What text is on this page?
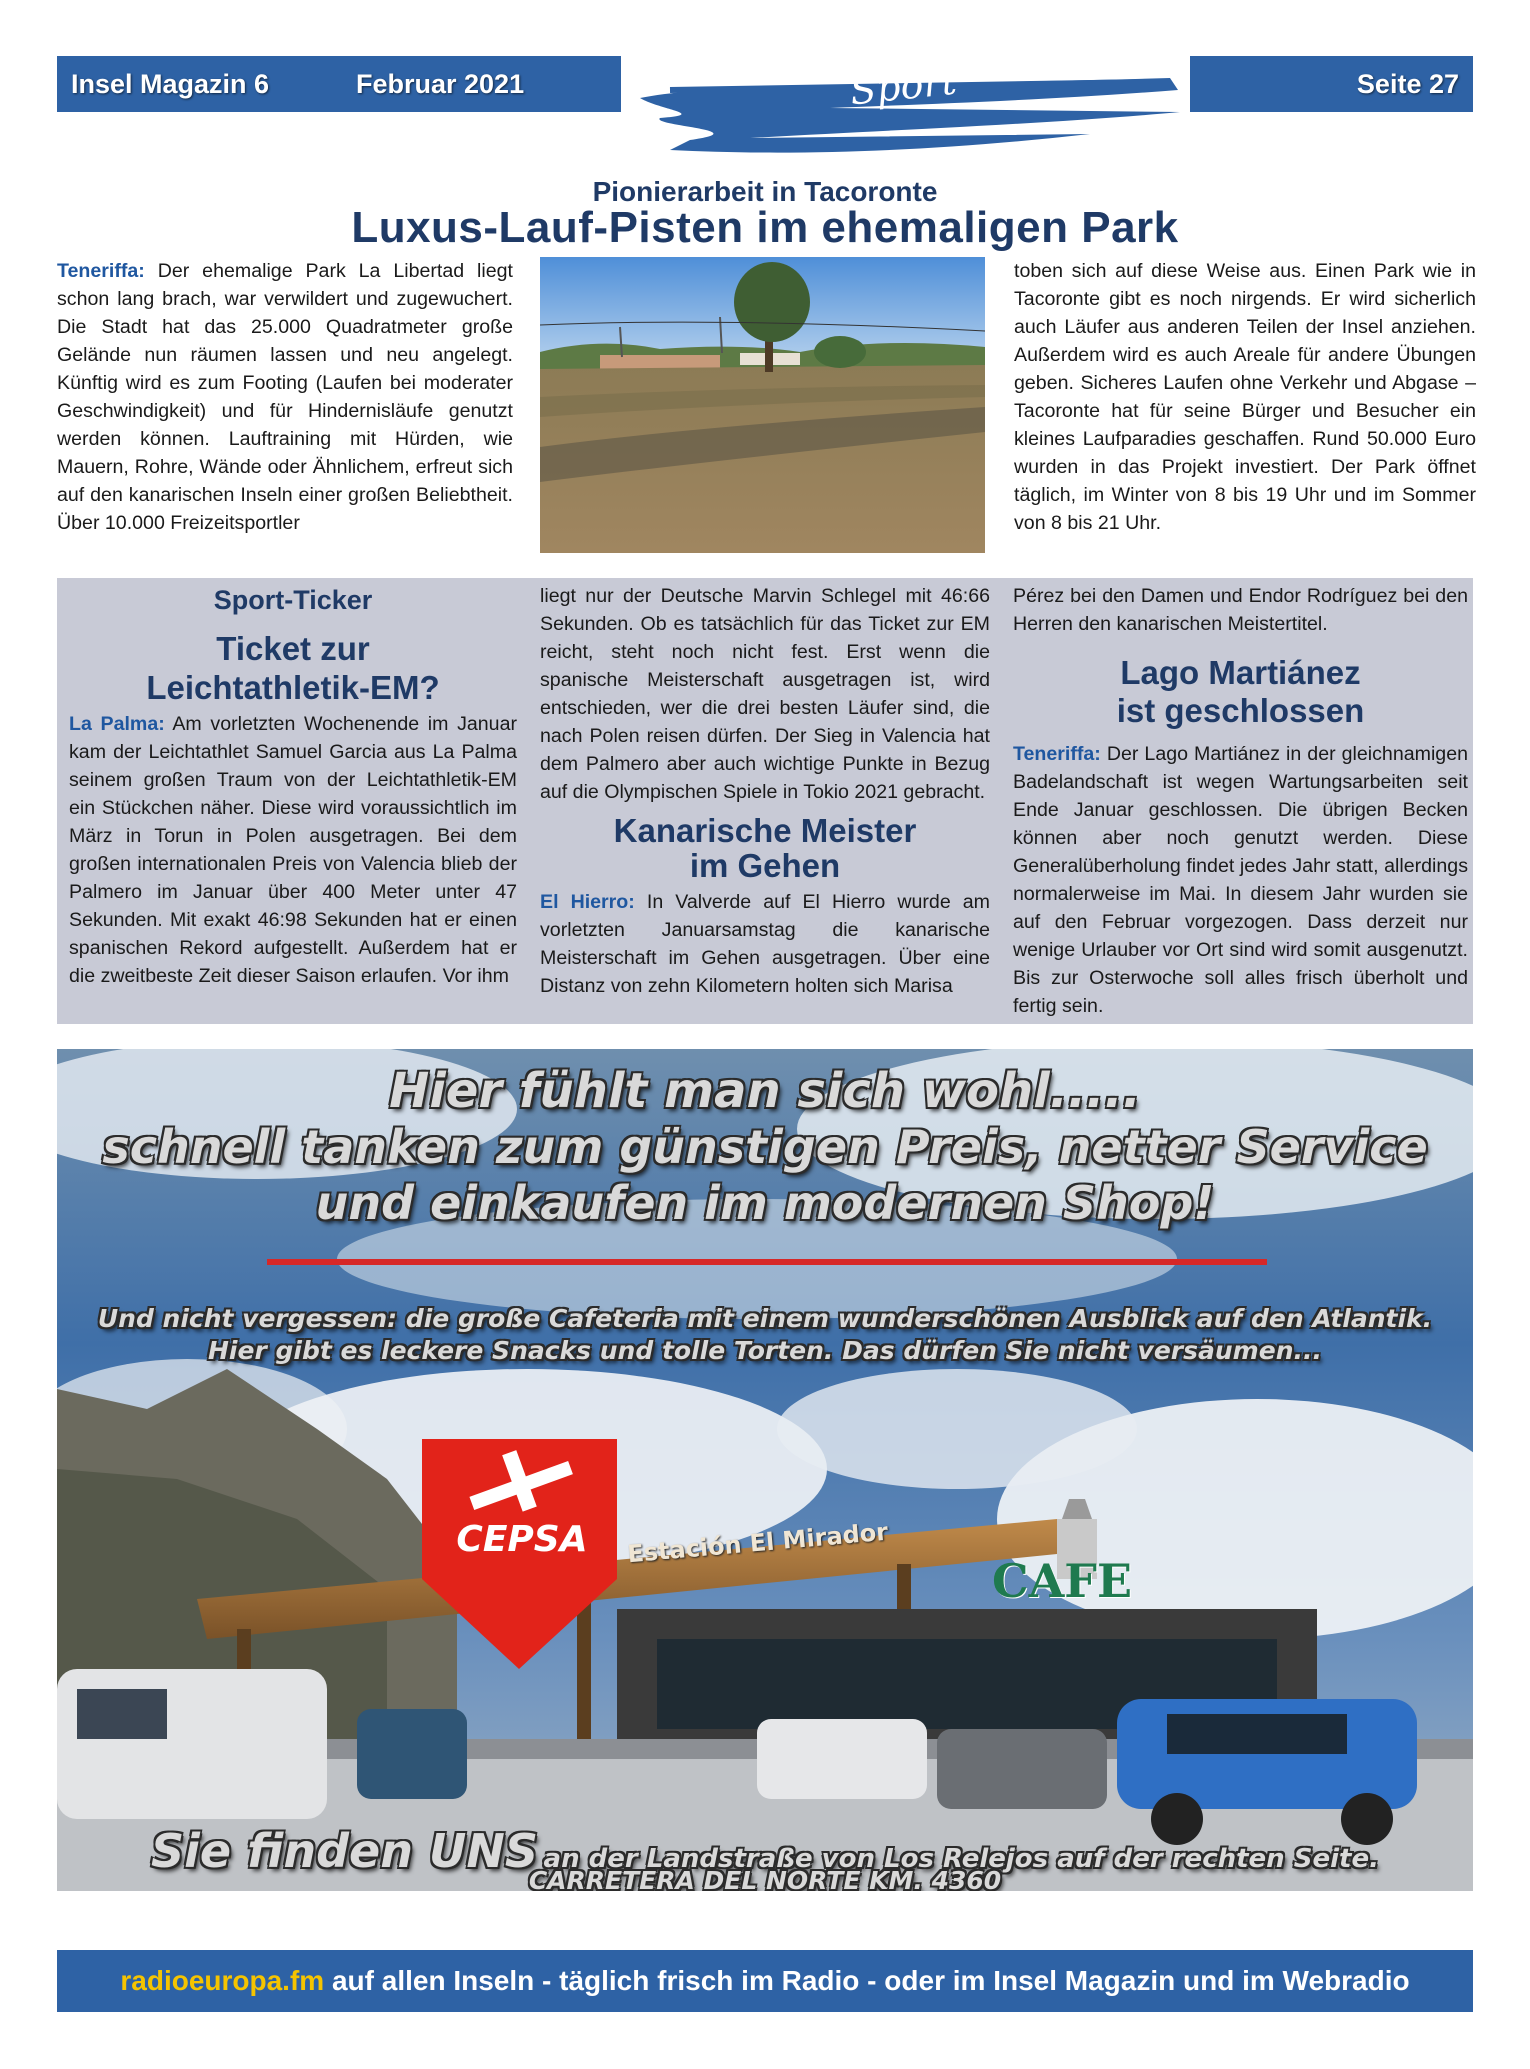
Insel Magazin 6	Februar 2021	Sport	Seite 27
Pionierarbeit in Tacoronte
Luxus-Lauf-Pisten im ehemaligen Park
Teneriffa: Der ehemalige Park La Libertad liegt schon lang brach, war verwildert und zugewuchert. Die Stadt hat das 25.000 Quadratmeter große Gelände nun räumen lassen und neu angelegt. Künftig wird es zum Footing (Laufen bei moderater Geschwindigkeit) und für Hindernisläufe genutzt werden können. Lauftraining mit Hürden, wie Mauern, Rohre, Wände oder Ähnlichem, erfreut sich auf den kanarischen Inseln einer großen Beliebtheit. Über 10.000 Freizeitsportler
toben sich auf diese Weise aus. Einen Park wie in Tacoronte gibt es noch nirgends. Er wird sicherlich auch Läufer aus anderen Teilen der Insel anziehen. Außerdem wird es auch Areale für andere Übungen geben. Sicheres Laufen ohne Verkehr und Abgase – Tacoronte hat für seine Bürger und Besucher ein kleines Laufparadies geschaffen. Rund 50.000 Euro wurden in das Projekt investiert. Der Park öffnet täglich, im Winter von 8 bis 19 Uhr und im Sommer von 8 bis 21 Uhr.
Sport-Ticker
Ticket zur
Leichtathletik-EM?
La Palma: Am vorletzten Wochenende im Januar kam der Leichtathlet Samuel Garcia aus La Palma seinem großen Traum von der Leichtathletik-EM ein Stückchen näher. Diese wird voraussichtlich im März in Torun in Polen ausgetragen. Bei dem großen internationalen Preis von Valencia blieb der Palmero im Januar über 400 Meter unter 47 Sekunden. Mit exakt 46:98 Sekunden hat er einen spanischen Rekord aufgestellt. Außerdem hat er die zweitbeste Zeit dieser Saison erlaufen. Vor ihm
liegt nur der Deutsche Marvin Schlegel mit 46:66 Sekunden. Ob es tatsächlich für das Ticket zur EM reicht, steht noch nicht fest. Erst wenn die spanische Meisterschaft ausgetragen ist, wird entschieden, wer die drei besten Läufer sind, die nach Polen reisen dürfen. Der Sieg in Valencia hat dem Palmero aber auch wichtige Punkte in Bezug auf die Olympischen Spiele in Tokio 2021 gebracht.
Kanarische Meister
im Gehen
El Hierro: In Valverde auf El Hierro wurde am vorletzten Januarsamstag die kanarische Meisterschaft im Gehen ausgetragen. Über eine Distanz von zehn Kilometern holten sich Marisa
Pérez bei den Damen und Endor Rodríguez bei den Herren den kanarischen Meistertitel.
Lago Martiánez
ist geschlossen
Teneriffa: Der Lago Martiánez in der gleichnamigen Badelandschaft ist wegen Wartungsarbeiten seit Ende Januar geschlossen. Die übrigen Becken können aber noch genutzt werden. Diese Generalüberholung findet jedes Jahr statt, allerdings normalerweise im Mai. In diesem Jahr wurden sie auf den Februar vorgezogen. Dass derzeit nur wenige Urlauber vor Ort sind wird somit ausgenutzt. Bis zur Osterwoche soll alles frisch überholt und fertig sein.
CEPSA	Estación El Mirador
CAFE
Hier fühlt man sich wohl.....
schnell tanken zum günstigen Preis, netter Service
und einkaufen im modernen Shop!
Und nicht vergessen: die große Cafeteria mit einem wunderschönen Ausblick auf den Atlantik.
Hier gibt es leckere Snacks und tolle Torten. Das dürfen Sie nicht versäumen...
Sie finden UNS an der Landstraße von Los Relejos auf der rechten Seite.
CARRETERA DEL NORTE KM. 4360
radioeuropa.fm auf allen Inseln - täglich frisch im Radio - oder im Insel Magazin und im Webradio
